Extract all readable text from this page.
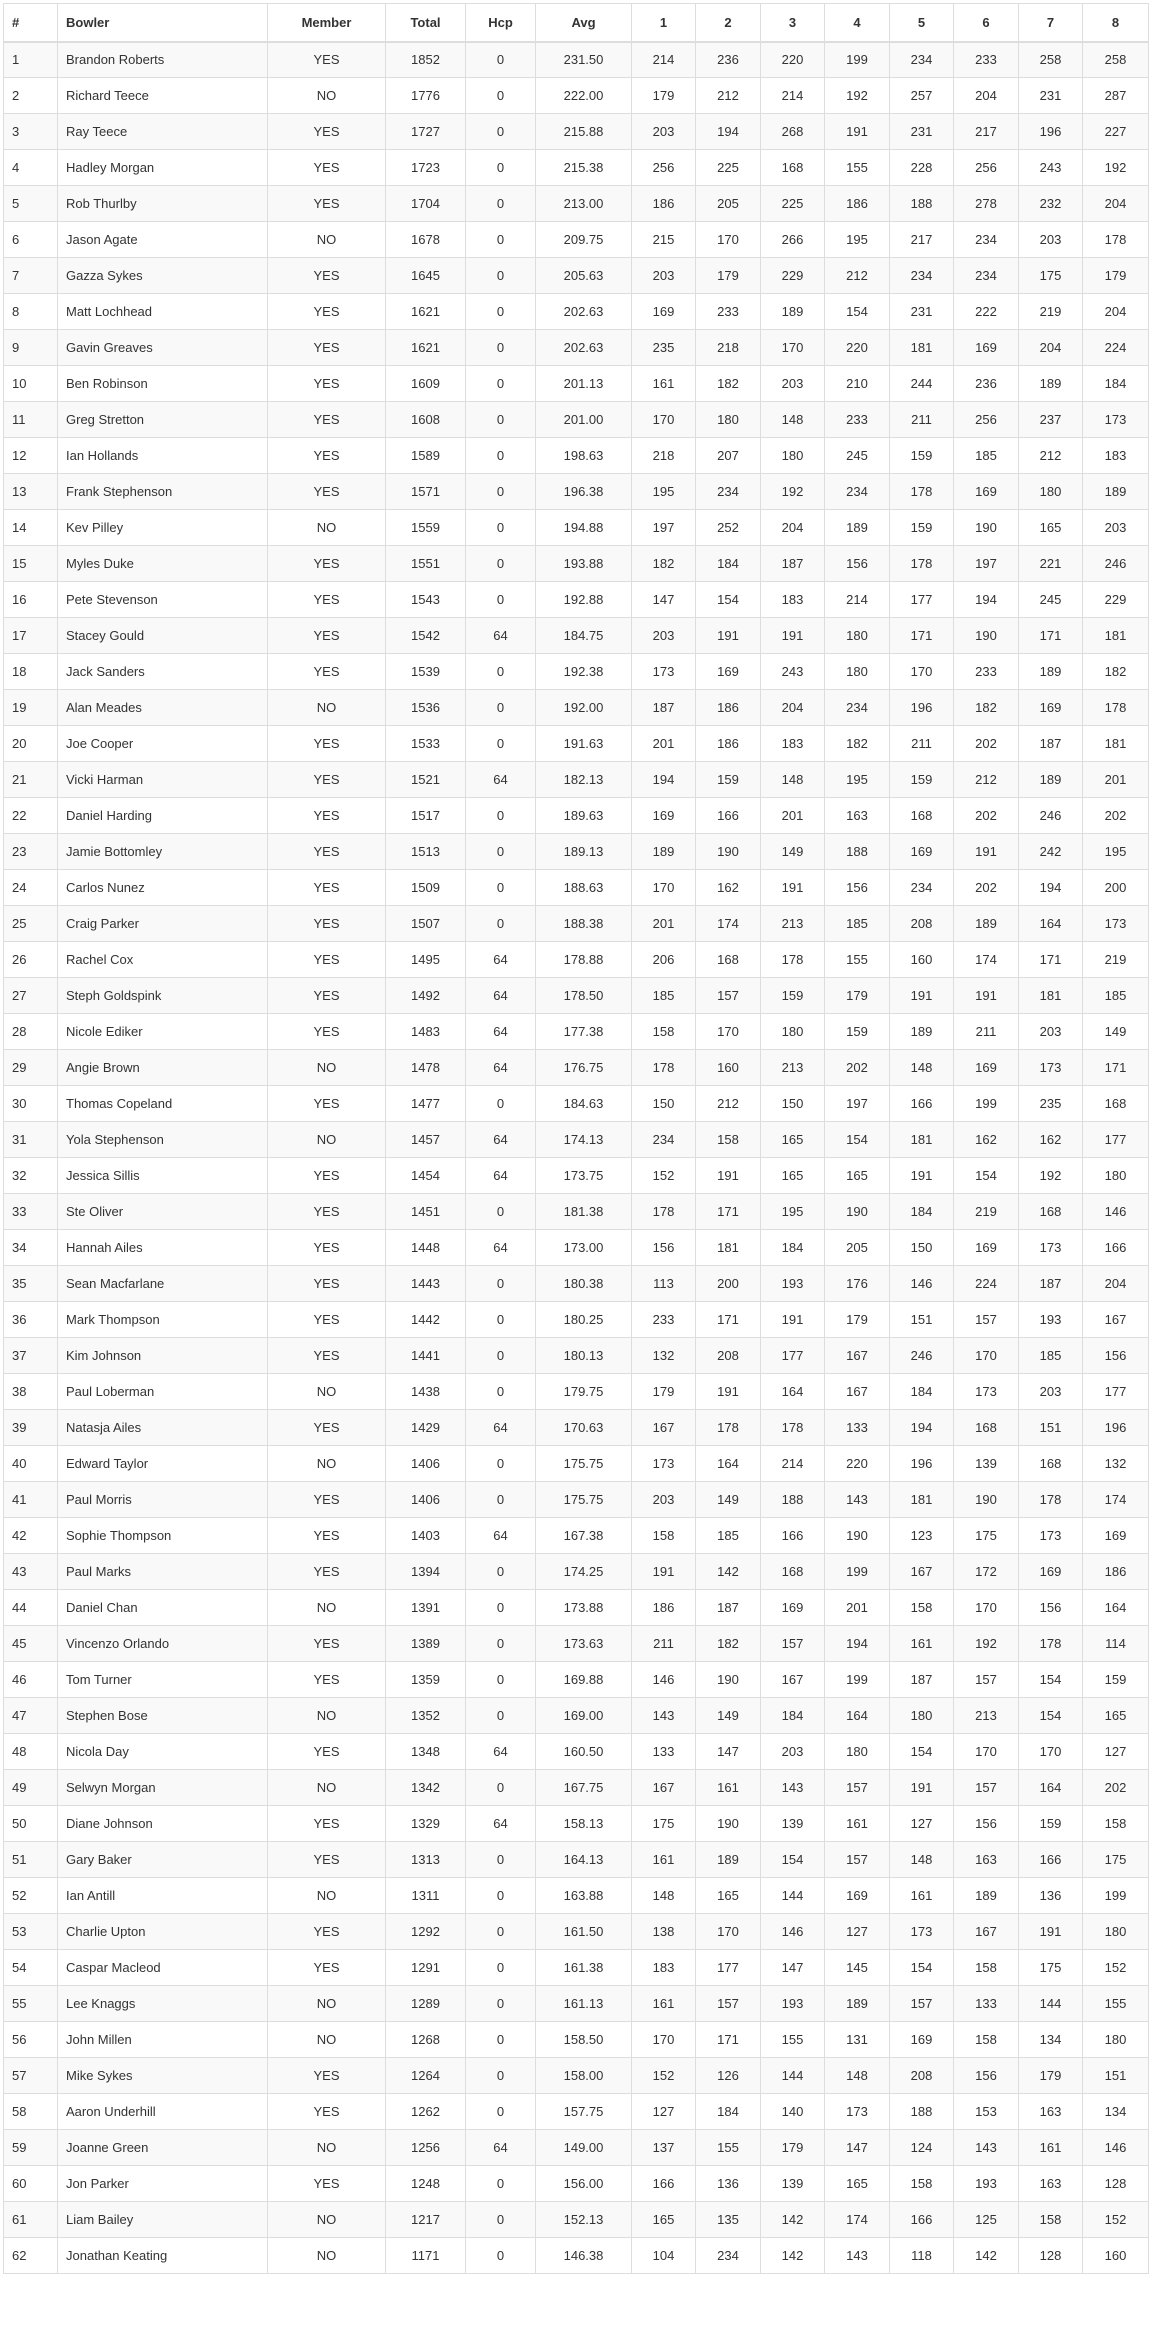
#	Bowler	Member	Total	Hcp	Avg	1	2	3	4	5	6	7	8
1	Brandon Roberts	YES	1852	0	231.50	214	236	220	199	234	233	258	258
2	Richard Teece	NO	1776	0	222.00	179	212	214	192	257	204	231	287
3	Ray Teece	YES	1727	0	215.88	203	194	268	191	231	217	196	227
4	Hadley Morgan	YES	1723	0	215.38	256	225	168	155	228	256	243	192
5	Rob Thurlby	YES	1704	0	213.00	186	205	225	186	188	278	232	204
6	Jason Agate	NO	1678	0	209.75	215	170	266	195	217	234	203	178
7	Gazza Sykes	YES	1645	0	205.63	203	179	229	212	234	234	175	179
8	Matt Lochhead	YES	1621	0	202.63	169	233	189	154	231	222	219	204
9	Gavin Greaves	YES	1621	0	202.63	235	218	170	220	181	169	204	224
10	Ben Robinson	YES	1609	0	201.13	161	182	203	210	244	236	189	184
11	Greg Stretton	YES	1608	0	201.00	170	180	148	233	211	256	237	173
12	Ian Hollands	YES	1589	0	198.63	218	207	180	245	159	185	212	183
13	Frank Stephenson	YES	1571	0	196.38	195	234	192	234	178	169	180	189
14	Kev Pilley	NO	1559	0	194.88	197	252	204	189	159	190	165	203
15	Myles Duke	YES	1551	0	193.88	182	184	187	156	178	197	221	246
16	Pete Stevenson	YES	1543	0	192.88	147	154	183	214	177	194	245	229
17	Stacey Gould	YES	1542	64	184.75	203	191	191	180	171	190	171	181
18	Jack Sanders	YES	1539	0	192.38	173	169	243	180	170	233	189	182
19	Alan Meades	NO	1536	0	192.00	187	186	204	234	196	182	169	178
20	Joe Cooper	YES	1533	0	191.63	201	186	183	182	211	202	187	181
21	Vicki Harman	YES	1521	64	182.13	194	159	148	195	159	212	189	201
22	Daniel Harding	YES	1517	0	189.63	169	166	201	163	168	202	246	202
23	Jamie Bottomley	YES	1513	0	189.13	189	190	149	188	169	191	242	195
24	Carlos Nunez	YES	1509	0	188.63	170	162	191	156	234	202	194	200
25	Craig Parker	YES	1507	0	188.38	201	174	213	185	208	189	164	173
26	Rachel Cox	YES	1495	64	178.88	206	168	178	155	160	174	171	219
27	Steph Goldspink	YES	1492	64	178.50	185	157	159	179	191	191	181	185
28	Nicole Ediker	YES	1483	64	177.38	158	170	180	159	189	211	203	149
29	Angie Brown	NO	1478	64	176.75	178	160	213	202	148	169	173	171
30	Thomas Copeland	YES	1477	0	184.63	150	212	150	197	166	199	235	168
31	Yola Stephenson	NO	1457	64	174.13	234	158	165	154	181	162	162	177
32	Jessica Sillis	YES	1454	64	173.75	152	191	165	165	191	154	192	180
33	Ste Oliver	YES	1451	0	181.38	178	171	195	190	184	219	168	146
34	Hannah Ailes	YES	1448	64	173.00	156	181	184	205	150	169	173	166
35	Sean Macfarlane	YES	1443	0	180.38	113	200	193	176	146	224	187	204
36	Mark Thompson	YES	1442	0	180.25	233	171	191	179	151	157	193	167
37	Kim Johnson	YES	1441	0	180.13	132	208	177	167	246	170	185	156
38	Paul Loberman	NO	1438	0	179.75	179	191	164	167	184	173	203	177
39	Natasja Ailes	YES	1429	64	170.63	167	178	178	133	194	168	151	196
40	Edward Taylor	NO	1406	0	175.75	173	164	214	220	196	139	168	132
41	Paul Morris	YES	1406	0	175.75	203	149	188	143	181	190	178	174
42	Sophie Thompson	YES	1403	64	167.38	158	185	166	190	123	175	173	169
43	Paul Marks	YES	1394	0	174.25	191	142	168	199	167	172	169	186
44	Daniel Chan	NO	1391	0	173.88	186	187	169	201	158	170	156	164
45	Vincenzo Orlando	YES	1389	0	173.63	211	182	157	194	161	192	178	114
46	Tom Turner	YES	1359	0	169.88	146	190	167	199	187	157	154	159
47	Stephen Bose	NO	1352	0	169.00	143	149	184	164	180	213	154	165
48	Nicola Day	YES	1348	64	160.50	133	147	203	180	154	170	170	127
49	Selwyn Morgan	NO	1342	0	167.75	167	161	143	157	191	157	164	202
50	Diane Johnson	YES	1329	64	158.13	175	190	139	161	127	156	159	158
51	Gary Baker	YES	1313	0	164.13	161	189	154	157	148	163	166	175
52	Ian Antill	NO	1311	0	163.88	148	165	144	169	161	189	136	199
53	Charlie Upton	YES	1292	0	161.50	138	170	146	127	173	167	191	180
54	Caspar Macleod	YES	1291	0	161.38	183	177	147	145	154	158	175	152
55	Lee Knaggs	NO	1289	0	161.13	161	157	193	189	157	133	144	155
56	John Millen	NO	1268	0	158.50	170	171	155	131	169	158	134	180
57	Mike Sykes	YES	1264	0	158.00	152	126	144	148	208	156	179	151
58	Aaron Underhill	YES	1262	0	157.75	127	184	140	173	188	153	163	134
59	Joanne Green	NO	1256	64	149.00	137	155	179	147	124	143	161	146
60	Jon Parker	YES	1248	0	156.00	166	136	139	165	158	193	163	128
61	Liam Bailey	NO	1217	0	152.13	165	135	142	174	166	125	158	152
62	Jonathan Keating	NO	1171	0	146.38	104	234	142	143	118	142	128	160
